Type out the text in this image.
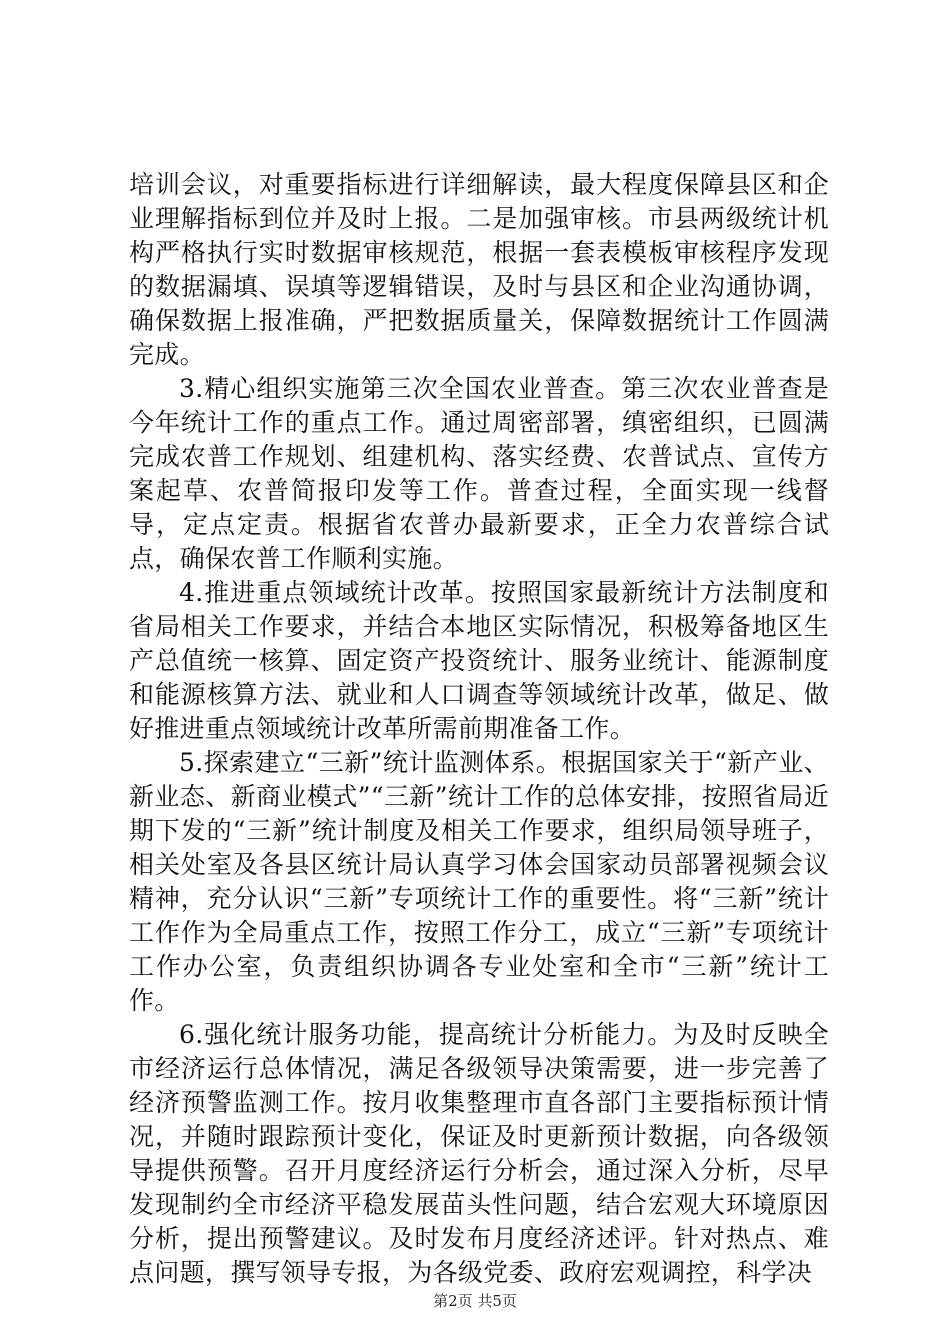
培训会议，对重要指标进行详细解读，最大程度保障县区和企业理解指标到位并及时上报。二是加强审核。市县两级统计机构严格执行实时数据审核规范，根据一套表模板审核程序发现的数据漏填、误填等逻辑错误，及时与县区和企业沟通协调，确保数据上报准确，严把数据质量关，保障数据统计工作圆满完成。

3.精心组织实施第三次全国农业普查。第三次农业普查是今年统计工作的重点工作。通过周密部署，缜密组织，已圆满完成农普工作规划、组建机构、落实经费、农普试点、宣传方案起草、农普简报印发等工作。普查过程，全面实现一线督导，定点定责。根据省农普办最新要求，正全力农普综合试点，确保农普工作顺利实施。

4.推进重点领域统计改革。按照国家最新统计方法制度和省局相关工作要求，并结合本地区实际情况，积极筹备地区生产总值统一核算、固定资产投资统计、服务业统计、能源制度和能源核算方法、就业和人口调查等领域统计改革，做足、做好推进重点领域统计改革所需前期准备工作。

5.探索建立“三新”统计监测体系。根据国家关于“新产业、新业态、新商业模式”“三新”统计工作的总体安排，按照省局近期下发的“三新”统计制度及相关工作要求，组织局领导班子，相关处室及各县区统计局认真学习体会国家动员部署视频会议精神，充分认识“三新”专项统计工作的重要性。将“三新”统计工作作为全局重点工作，按照工作分工，成立“三新”专项统计工作办公室，负责组织协调各专业处室和全市“三新”统计工作。

6.强化统计服务功能，提高统计分析能力。为及时反映全市经济运行总体情况，满足各级领导决策需要，进一步完善了经济预警监测工作。按月收集整理市直各部门主要指标预计情况，并随时跟踪预计变化，保证及时更新预计数据，向各级领导提供预警。召开月度经济运行分析会，通过深入分析，尽早发现制约全市经济平稳发展苗头性问题，结合宏观大环境原因分析，提出预警建议。及时发布月度经济述评。针对热点、难点问题，撰写领导专报，为各级党委、政府宏观调控，科学决

第2页 共5页
